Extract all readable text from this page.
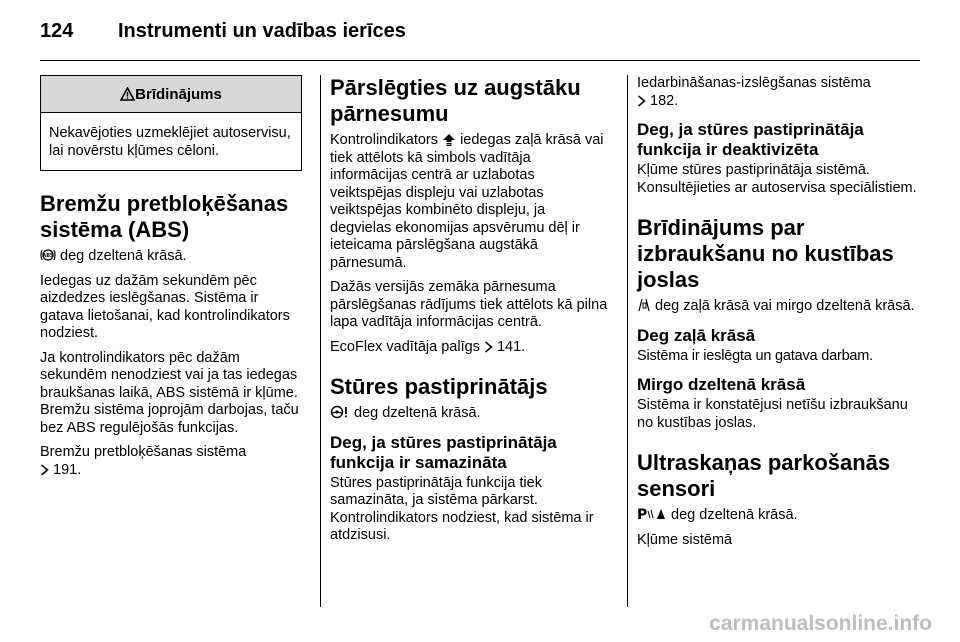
124 Instrumenti un vadības ierīces
Brīdinājums

Nekavējoties uzmeklējiet autoservisu, lai novērstu kļūmes cēloni.

Bremžu pretbloķēšanas sistēma (ABS)

ABS deg dzeltenā krāsā.

Iedegas uz dažām sekundēm pēc aizdedzes ieslēgšanas. Sistēma ir gatava lietošanai, kad kontrolindikators nodziest.

Ja kontrolindikators pēc dažām sekundēm nenodziest vai ja tas iedegas braukšanas laikā, ABS sistēmā ir kļūme. Bremžu sistēma joprojām darbojas, taču bez ABS regulējošās funkcijas.

Bremžu pretbloķēšanas sistēma
191.

Pārslēgties uz augstāku pārnesumu

Kontrolindikators iedegas zaļā krāsā vai tiek attēlots kā simbols vadītāja informācijas centrā ar uzlabotas veiktspējas displeju vai uzlabotas veiktspējas kombinēto displeju, ja degvielas ekonomijas apsvērumu dēļ ir ieteicama pārslēgšana augstākā pārnesumā.

Dažās versijās zemāka pārnesuma pārslēgšanas rādījums tiek attēlots kā pilna lapa vadītāja informācijas centrā.

EcoFlex vadītāja palīgs 141.

Stūres pastiprinātājs

deg dzeltenā krāsā.

Deg, ja stūres pastiprinātāja funkcija ir samazināta

Stūres pastiprinātāja funkcija tiek samazināta, ja sistēma pārkarst. Kontrolindikators nodziest, kad sistēma ir atdzisusi.

Iedarbināšanas-izslēgšanas sistēma
182.

Deg, ja stūres pastiprinātāja funkcija ir deaktivizēta

Kļūme stūres pastiprinātāja sistēmā. Konsultējieties ar autoservisa speciālistiem.

Brīdinājums par izbraukšanu no kustības joslas

deg zaļā krāsā vai mirgo dzeltenā krāsā.

Deg zaļā krāsā

Sistēma ir ieslēgta un gatava darbam.

Mirgo dzeltenā krāsā

Sistēma ir konstatējusi netīšu izbraukšanu no kustības joslas.

Ultraskaņas parkošanās sensori

P deg dzeltenā krāsā.

Kļūme sistēmā

carmanualsonline.info
